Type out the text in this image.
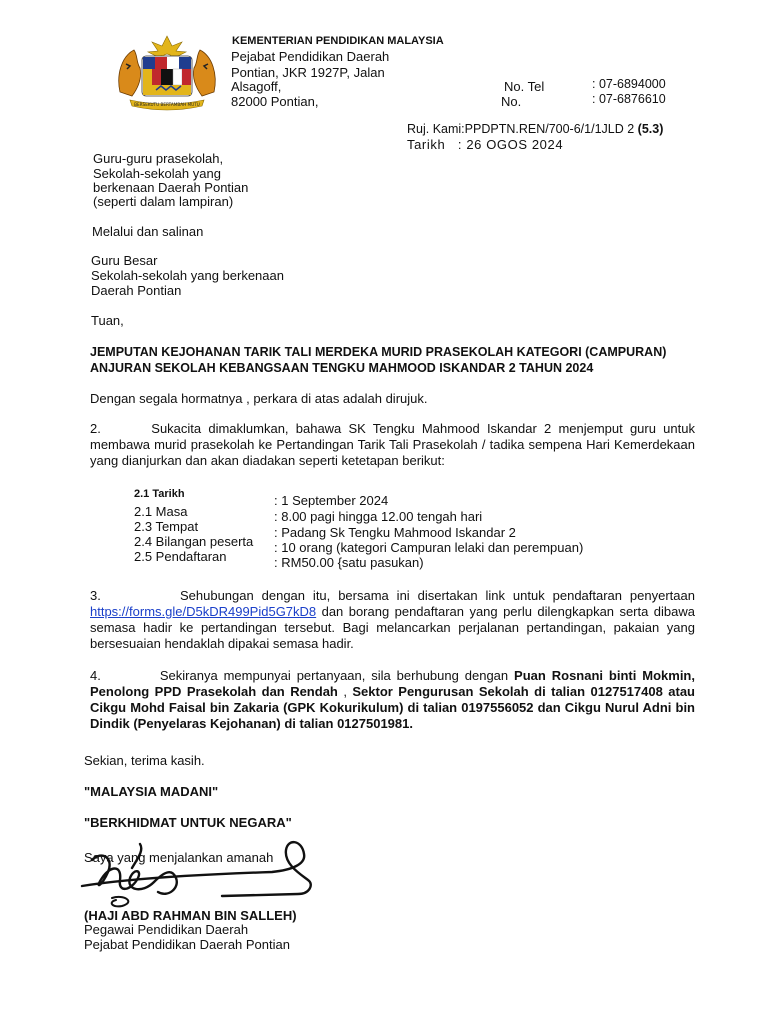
BERSEKUTU BERTAMBAH MUTU
KEMENTERIAN PENDIDIKAN MALAYSIA
Pejabat Pendidikan Daerah
Pontian, JKR 1927P, Jalan
Alsagoff,
82000 Pontian,
No. Tel	: 07-6894000
No.	: 07-6876610
Ruj. Kami:PPDPTN.REN/700-6/1/1JLD 2 (5.3)
Tarikh : 26 OGOS 2024
Guru-guru prasekolah,
Sekolah-sekolah yang
berkenaan Daerah Pontian
(seperti dalam lampiran)
Melalui dan salinan
Guru Besar
Sekolah-sekolah yang berkenaan
Daerah Pontian
Tuan,
JEMPUTAN KEJOHANAN TARIK TALI MERDEKA MURID PRASEKOLAH KATEGORI (CAMPURAN)
ANJURAN SEKOLAH KEBANGSAAN TENGKU MAHMOOD ISKANDAR 2 TAHUN 2024
Dengan segala hormatnya , perkara di atas adalah dirujuk.
2.	Sukacita dimaklumkan, bahawa SK Tengku Mahmood Iskandar 2 menjemput guru untuk membawa murid prasekolah ke Pertandingan Tarik Tali Prasekolah / tadika sempena Hari Kemerdekaan yang dianjurkan dan akan diadakan seperti ketetapan berikut:
2.1 Tarikh	: 1 September 2024
2.1 Masa	: 8.00 pagi hingga 12.00 tengah hari
2.3 Tempat	: Padang Sk Tengku Mahmood Iskandar 2
2.4 Bilangan peserta	: 10 orang (kategori Campuran lelaki dan perempuan)
2.5 Pendaftaran	: RM50.00 {satu pasukan)
3.	Sehubungan dengan itu, bersama ini disertakan link untuk pendaftaran penyertaan https://forms.gle/D5kDR499Pid5G7kD8 dan borang pendaftaran yang perlu dilengkapkan serta dibawa semasa hadir ke pertandingan tersebut. Bagi melancarkan perjalanan pertandingan, pakaian yang bersesuaian hendaklah dipakai semasa hadir.
4.	Sekiranya mempunyai pertanyaan, sila berhubung dengan Puan Rosnani binti Mokmin, Penolong PPD Prasekolah dan Rendah , Sektor Pengurusan Sekolah di talian 0127517408 atau Cikgu Mohd Faisal bin Zakaria (GPK Kokurikulum) di talian 0197556052 dan Cikgu Nurul Adni bin Dindik (Penyelaras Kejohanan) di talian 0127501981.
Sekian, terima kasih.
"MALAYSIA MADANI"
"BERKHIDMAT UNTUK NEGARA"
Saya yang menjalankan amanah
(HAJI ABD RAHMAN BIN SALLEH)
Pegawai Pendidikan Daerah
Pejabat Pendidikan Daerah Pontian
